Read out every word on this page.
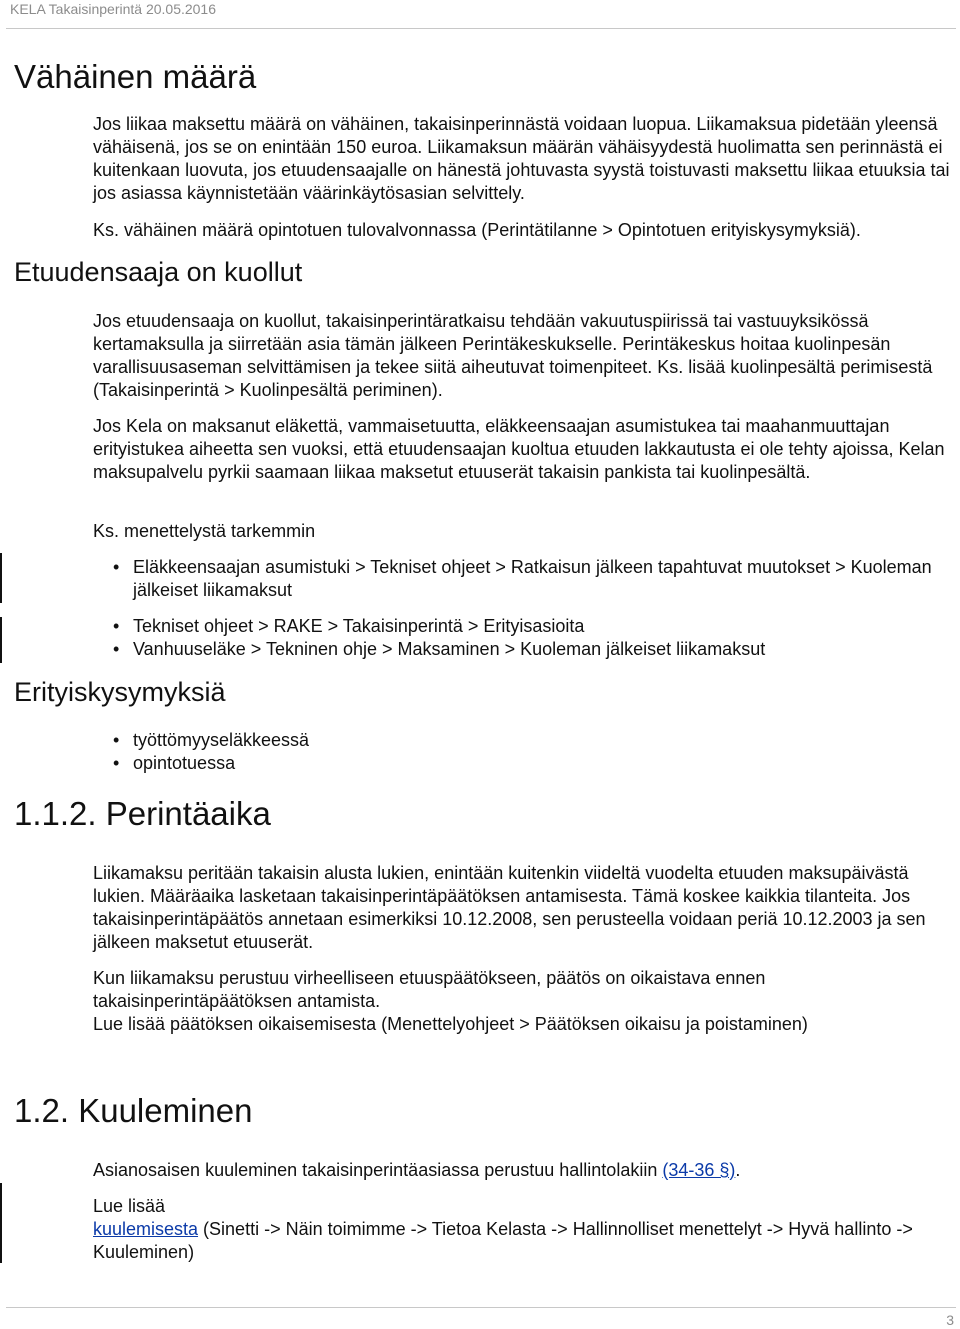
KELA Takaisinperintä 20.05.2016
Vähäinen määrä

Jos liikaa maksettu määrä on vähäinen, takaisinperinnästä voidaan luopua. Liikamaksua pidetään yleensä vähäisenä, jos se on enintään 150 euroa. Liikamaksun määrän vähäisyydestä huolimatta sen perinnästä ei kuitenkaan luovuta, jos etuudensaajalle on hänestä johtuvasta syystä toistuvasti maksettu liikaa etuuksia tai jos asiassa käynnistetään väärinkäytösasian selvittely.

Ks. vähäinen määrä opintotuen tulovalvonnassa (Perintätilanne > Opintotuen erityiskysymyksiä).

Etuudensaaja on kuollut

Jos etuudensaaja on kuollut, takaisinperintäratkaisu tehdään vakuutuspiirissä tai vastuuyksikössä kertamaksulla ja siirretään asia tämän jälkeen Perintäkeskukselle. Perintäkeskus hoitaa kuolinpesän varallisuusaseman selvittämisen ja tekee siitä aiheutuvat toimenpiteet. Ks. lisää kuolinpesältä perimisestä (Takaisinperintä > Kuolinpesältä periminen).

Jos Kela on maksanut eläkettä, vammaisetuutta, eläkkeensaajan asumistukea tai maahanmuuttajan erityistukea aiheetta sen vuoksi, että etuudensaajan kuoltua etuuden lakkautusta ei ole tehty ajoissa, Kelan maksupalvelu pyrkii saamaan liikaa maksetut etuuserät takaisin pankista tai kuolinpesältä.

Ks. menettelystä tarkemmin

• Eläkkeensaajan asumistuki > Tekniset ohjeet > Ratkaisun jälkeen tapahtuvat muutokset > Kuoleman jälkeiset liikamaksut
• Tekniset ohjeet > RAKE > Takaisinperintä > Erityisasioita
• Vanhuuseläke > Tekninen ohje > Maksaminen > Kuoleman jälkeiset liikamaksut
Erityiskysymyksiä
• työttömyyseläkkeessä
• opintotuessa
1.1.2. Perintäaika

Liikamaksu peritään takaisin alusta lukien, enintään kuitenkin viideltä vuodelta etuuden maksupäivästä lukien. Määräaika lasketaan takaisinperintäpäätöksen antamisesta. Tämä koskee kaikkia tilanteita. Jos takaisinperintäpäätös annetaan esimerkiksi 10.12.2008, sen perusteella voidaan periä 10.12.2003 ja sen jälkeen maksetut etuuserät.

Kun liikamaksu perustuu virheelliseen etuuspäätökseen, päätös on oikaistava ennen takaisinperintäpäätöksen antamista.

Lue lisää päätöksen oikaisemisesta (Menettelyohjeet > Päätöksen oikaisu ja poistaminen)

1.2. Kuuleminen

Asianosaisen kuuleminen takaisinperintäasiassa perustuu hallintolakiin (34-36 §).

Lue lisää
kuulemisesta (Sinetti -> Näin toimimme -> Tietoa Kelasta -> Hallinnolliset menettelyt -> Hyvä hallinto -> Kuuleminen)

3
